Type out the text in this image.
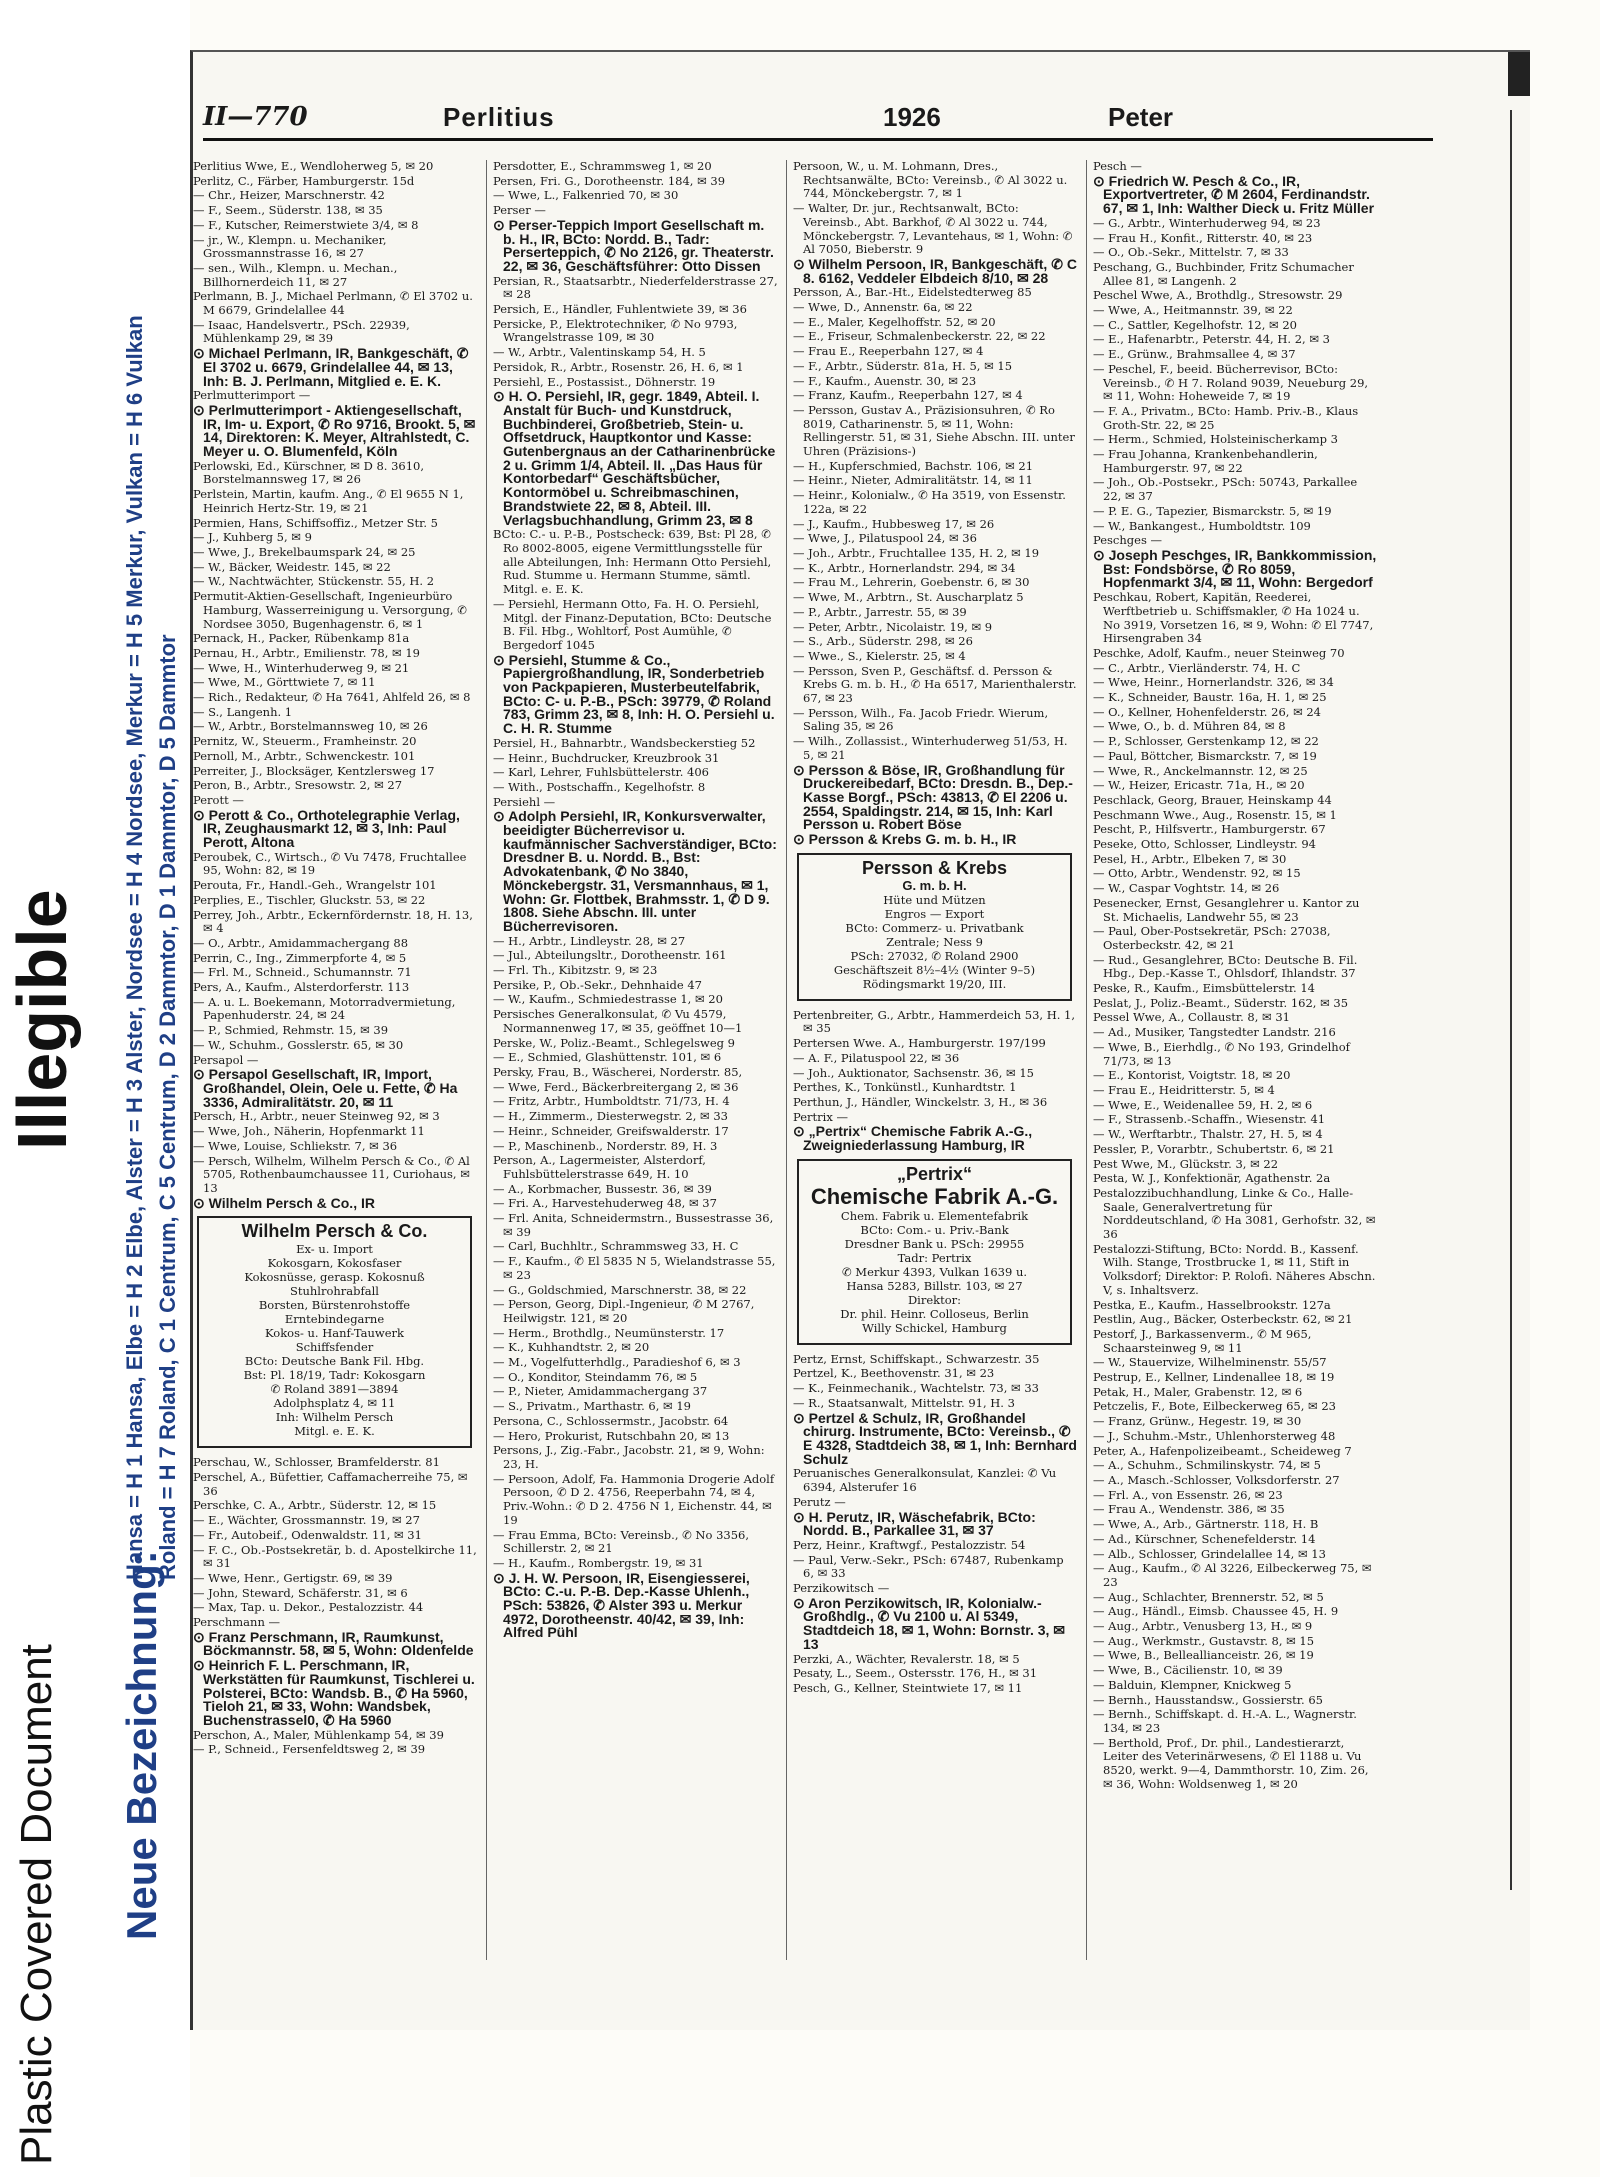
Illegible
Plastic Covered Document Neue Bezeichnung:
Hansa = H 1 Hansa, Elbe = H 2 Elbe, Alster = H 3 Alster, Nordsee = H 4 Nordsee, Merkur = H 5 Merkur, Vulkan = H 6 Vulkan Roland = H 7 Roland, C 1 Centrum, C 5 Centrum, D 2 Dammtor, D 1 Dammtor, D 5 Dammtor
II—770	Perlitius	1926	Peter
Perlitius Wwe, E., Wendloherweg 5, ✉ 20
Perlitz, C., Färber, Hamburgerstr. 15d
— Chr., Heizer, Marschnerstr. 42
— F., Seem., Süderstr. 138, ✉ 35
— F., Kutscher, Reimerstwiete 3/4, ✉ 8
— jr., W., Klempn. u. Mechaniker, Grossmannstrasse 16, ✉ 27
— sen., Wilh., Klempn. u. Mechan., Billhornerdeich 11, ✉ 27
Perlmann, B. J., Michael Perlmann, ✆ El 3702 u. M 6679, Grindelallee 44
— Isaac, Handelsvertr., PSch. 22939, Mühlenkamp 29, ✉ 39
⊙ Michael Perlmann, IR, Bankgeschäft, ✆ El 3702 u. 6679, Grindelallee 44, ✉ 13, Inh: B. J. Perlmann, Mitglied e. E. K.
Perlmutterimport —
⊙ Perlmutterimport - Aktiengesellschaft, IR, Im- u. Export, ✆ Ro 9716, Brookt. 5, ✉ 14, Direktoren: K. Meyer, Altrahlstedt, C. Meyer u. O. Blumenfeld, Köln
Perlowski, Ed., Kürschner, ✉ D 8. 3610, Borstelmannsweg 17, ✉ 26
Perlstein, Martin, kaufm. Ang., ✆ El 9655 N 1, Heinrich Hertz-Str. 19, ✉ 21
Permien, Hans, Schiffsoffiz., Metzer Str. 5
— J., Kuhberg 5, ✉ 9
— Wwe, J., Brekelbaumspark 24, ✉ 25
— W., Bäcker, Weidestr. 145, ✉ 22
— W., Nachtwächter, Stückenstr. 55, H. 2
Permutit-Aktien-Gesellschaft, Ingenieurbüro Hamburg, Wasserreinigung u. Versorgung, ✆ Nordsee 3050, Bugenhagenstr. 6, ✉ 1
Pernack, H., Packer, Rübenkamp 81a
Pernau, H., Arbtr., Emilienstr. 78, ✉ 19
— Wwe, H., Winterhuderweg 9, ✉ 21
— Wwe, M., Görttwiete 7, ✉ 11
— Rich., Redakteur, ✆ Ha 7641, Ahlfeld 26, ✉ 8
— S., Langenh. 1
— W., Arbtr., Borstelmannsweg 10, ✉ 26
Pernitz, W., Steuerm., Framheinstr. 20
Pernoll, M., Arbtr., Schwenckestr. 101
Perreiter, J., Blocksäger, Kentzlersweg 17
Peron, B., Arbtr., Sresowstr. 2, ✉ 27
Perott —
⊙ Perott & Co., Orthotelegraphie Verlag, IR, Zeughausmarkt 12, ✉ 3, Inh: Paul Perott, Altona
Peroubek, C., Wirtsch., ✆ Vu 7478, Fruchtallee 95, Wohn: 82, ✉ 19
Perouta, Fr., Handl.-Geh., Wrangelstr 101
Perplies, E., Tischler, Gluckstr. 53, ✉ 22
Perrey, Joh., Arbtr., Eckernfördernstr. 18, H. 13, ✉ 4
— O., Arbtr., Amidammachergang 88
Perrin, C., Ing., Zimmerpforte 4, ✉ 5
— Frl. M., Schneid., Schumannstr. 71
Pers, A., Kaufm., Alsterdorferstr. 113
— A. u. L. Boekemann, Motorradvermietung, Papenhuderstr. 24, ✉ 24
— P., Schmied, Rehmstr. 15, ✉ 39
— W., Schuhm., Gosslerstr. 65, ✉ 30
Persapol —
⊙ Persapol Gesellschaft, IR, Import, Großhandel, Olein, Oele u. Fette, ✆ Ha 3336, Admiralitätstr. 20, ✉ 11
Persch, H., Arbtr., neuer Steinweg 92, ✉ 3
— Wwe, Joh., Näherin, Hopfenmarkt 11
— Wwe, Louise, Schliekstr. 7, ✉ 36
— Persch, Wilhelm, Wilhelm Persch & Co., ✆ Al 5705, Rothenbaumchaussee 11, Curiohaus, ✉ 13
⊙ Wilhelm Persch & Co., IR
Wilhelm Persch & Co.
Ex- u. Import
Kokosgarn, Kokosfaser
Kokosnüsse, gerasp. Kokosnuß
Stuhlrohrabfall
Borsten, Bürstenrohstoffe
Erntebindegarne
Kokos- u. Hanf-Tauwerk
Schiffsfender
BCto: Deutsche Bank Fil. Hbg.
Bst: Pl. 18/19, Tadr: Kokosgarn
✆ Roland 3891—3894
Adolphsplatz 4, ✉ 11
Inh: Wilhelm Persch
Mitgl. e. E. K.
Perschau, W., Schlosser, Bramfelderstr. 81
Perschel, A., Büfettier, Caffamacherreihe 75, ✉ 36
Perschke, C. A., Arbtr., Süderstr. 12, ✉ 15
— E., Wächter, Grossmannstr. 19, ✉ 27
— Fr., Autobeif., Odenwaldstr. 11, ✉ 31
— F. C., Ob.-Postsekretär, b. d. Apostelkirche 11, ✉ 31
— Wwe, Henr., Gertigstr. 69, ✉ 39
— John, Steward, Schäferstr. 31, ✉ 6
— Max, Tap. u. Dekor., Pestalozzistr. 44
Perschmann —
⊙ Franz Perschmann, IR, Raumkunst, Böckmannstr. 58, ✉ 5, Wohn: Oldenfelde
⊙ Heinrich F. L. Perschmann, IR, Werkstätten für Raumkunst, Tischlerei u. Polsterei, BCto: Wandsb. B., ✆ Ha 5960, Tieloh 21, ✉ 33, Wohn: Wandsbek, Buchenstrassel0, ✆ Ha 5960
Perschon, A., Maler, Mühlenkamp 54, ✉ 39
— P., Schneid., Fersenfeldtsweg 2, ✉ 39
Persdotter, E., Schrammsweg 1, ✉ 20
Persen, Fri. G., Dorotheenstr. 184, ✉ 39
— Wwe, L., Falkenried 70, ✉ 30
Perser —
⊙ Perser-Teppich Import Gesellschaft m. b. H., IR, BCto: Nordd. B., Tadr: Perserteppich, ✆ No 2126, gr. Theaterstr. 22, ✉ 36, Geschäftsführer: Otto Dissen
Persian, R., Staatsarbtr., Niederfelderstrasse 27, ✉ 28
Persich, E., Händler, Fuhlentwiete 39, ✉ 36
Persicke, P., Elektrotechniker, ✆ No 9793, Wrangelstrasse 109, ✉ 30
— W., Arbtr., Valentinskamp 54, H. 5
Persidok, R., Arbtr., Rosenstr. 26, H. 6, ✉ 1
Persiehl, E., Postassist., Döhnerstr. 19
⊙ H. O. Persiehl, IR, gegr. 1849, Abteil. I. Anstalt für Buch- und Kunstdruck, Buchbinderei, Großbetrieb, Stein- u. Offsetdruck, Hauptkontor und Kasse: Gutenbergnaus an der Catharinenbrücke 2 u. Grimm 1/4, Abteil. II. „Das Haus für Kontorbedarf“ Geschäftsbücher, Kontormöbel u. Schreibmaschinen, Brandstwiete 22, ✉ 8, Abteil. III. Verlagsbuchhandlung, Grimm 23, ✉ 8
BCto: C.- u. P.-B., Postscheck: 639, Bst: Pl 28, ✆ Ro 8002-8005, eigene Vermittlungsstelle für alle Abteilungen, Inh: Hermann Otto Persiehl, Rud. Stumme u. Hermann Stumme, sämtl. Mitgl. e. E. K.
— Persiehl, Hermann Otto, Fa. H. O. Persiehl, Mitgl. der Finanz-Deputation, BCto: Deutsche B. Fil. Hbg., Wohltorf, Post Aumühle, ✆ Bergedorf 1045
⊙ Persiehl, Stumme & Co., Papiergroßhandlung, IR, Sonderbetrieb von Packpapieren, Musterbeutelfabrik, BCto: C- u. P.-B., PSch: 39779, ✆ Roland 783, Grimm 23, ✉ 8, Inh: H. O. Persiehl u. C. H. R. Stumme
Persiel, H., Bahnarbtr., Wandsbeckerstieg 52
— Heinr., Buchdrucker, Kreuzbrook 31
— Karl, Lehrer, Fuhlsbüttelerstr. 406
— With., Postschaffn., Kegelhofstr. 8
Persiehl —
⊙ Adolph Persiehl, IR, Konkursverwalter, beeidigter Bücherrevisor u. kaufmännischer Sachverständiger, BCto: Dresdner B. u. Nordd. B., Bst: Advokatenbank, ✆ No 3840, Mönckebergstr. 31, Versmannhaus, ✉ 1, Wohn: Gr. Flottbek, Brahmsstr. 1, ✆ D 9. 1808. Siehe Abschn. III. unter Bücherrevisoren.
— H., Arbtr., Lindleystr. 28, ✉ 27
— Jul., Abteilungsltr., Dorotheenstr. 161
— Frl. Th., Kibitzstr. 9, ✉ 23
Persike, P., Ob.-Sekr., Dehnhaide 47
— W., Kaufm., Schmiedestrasse 1, ✉ 20
Persisches Generalkonsulat, ✆ Vu 4579, Normannenweg 17, ✉ 35, geöffnet 10—1
Perske, W., Poliz.-Beamt., Schlegelsweg 9
— E., Schmied, Glashüttenstr. 101, ✉ 6
Persky, Frau, B., Wäscherei, Norderstr. 85,
— Wwe, Ferd., Bäckerbreitergang 2, ✉ 36
— Fritz, Arbtr., Humboldtstr. 71/73, H. 4
— H., Zimmerm., Diesterwegstr. 2, ✉ 33
— Heinr., Schneider, Greifswalderstr. 17
— P., Maschinenb., Norderstr. 89, H. 3
Person, A., Lagermeister, Alsterdorf, Fuhlsbüttelerstrasse 649, H. 10
— A., Korbmacher, Bussestr. 36, ✉ 39
— Fri. A., Harvestehuderweg 48, ✉ 37
— Frl. Anita, Schneidermstrn., Bussestrasse 36, ✉ 39
— Carl, Buchhltr., Schrammsweg 33, H. C
— F., Kaufm., ✆ El 5835 N 5, Wielandstrasse 55, ✉ 23
— G., Goldschmied, Marschnerstr. 38, ✉ 22
— Person, Georg, Dipl.-Ingenieur, ✆ M 2767, Heilwigstr. 121, ✉ 20
— Herm., Brothdlg., Neumünsterstr. 17
— K., Kuhhandtstr. 2, ✉ 20
— M., Vogelfutterhdlg., Paradieshof 6, ✉ 3
— O., Konditor, Steindamm 76, ✉ 5
— P., Nieter, Amidammachergang 37
— S., Privatm., Marthastr. 6, ✉ 19
Persona, C., Schlossermstr., Jacobstr. 64
— Hero, Prokurist, Rutschbahn 20, ✉ 13
Persons, J., Zig.-Fabr., Jacobstr. 21, ✉ 9, Wohn: 23, H.
— Persoon, Adolf, Fa. Hammonia Drogerie Adolf Persoon, ✆ D 2. 4756, Reeperbahn 74, ✉ 4, Priv.-Wohn.: ✆ D 2. 4756 N 1, Eichenstr. 44, ✉ 19
— Frau Emma, BCto: Vereinsb., ✆ No 3356, Schillerstr. 2, ✉ 21
— H., Kaufm., Rombergstr. 19, ✉ 31
⊙ J. H. W. Persoon, IR, Eisengiesserei, BCto: C.-u. P.-B. Dep.-Kasse Uhlenh., PSch: 53826, ✆ Alster 393 u. Merkur 4972, Dorotheenstr. 40/42, ✉ 39, Inh: Alfred Pühl
Persoon, W., u. M. Lohmann, Dres., Rechtsanwälte, BCto: Vereinsb., ✆ Al 3022 u. 744, Mönckebergstr. 7, ✉ 1
— Walter, Dr. jur., Rechtsanwalt, BCto: Vereinsb., Abt. Barkhof, ✆ Al 3022 u. 744, Mönckebergstr. 7, Levantehaus, ✉ 1, Wohn: ✆ Al 7050, Bieberstr. 9
⊙ Wilhelm Persoon, IR, Bankgeschäft, ✆ C 8. 6162, Veddeler Elbdeich 8/10, ✉ 28
Persson, A., Bar.-Ht., Eidelstedterweg 85
— Wwe, D., Annenstr. 6a, ✉ 22
— E., Maler, Kegelhoffstr. 52, ✉ 20
— E., Friseur, Schmalenbeckerstr. 22, ✉ 22
— Frau E., Reeperbahn 127, ✉ 4
— F., Arbtr., Süderstr. 81a, H. 5, ✉ 15
— F., Kaufm., Auenstr. 30, ✉ 23
— Franz, Kaufm., Reeperbahn 127, ✉ 4
— Persson, Gustav A., Präzisionsuhren, ✆ Ro 8019, Catharinenstr. 5, ✉ 11, Wohn: Rellingerstr. 51, ✉ 31, Siehe Abschn. III. unter Uhren (Präzisions-)
— H., Kupferschmied, Bachstr. 106, ✉ 21
— Heinr., Nieter, Admiralitätstr. 14, ✉ 11
— Heinr., Kolonialw., ✆ Ha 3519, von Essenstr. 122a, ✉ 22
— J., Kaufm., Hubbesweg 17, ✉ 26
— Wwe, J., Pilatuspool 24, ✉ 36
— Joh., Arbtr., Fruchtallee 135, H. 2, ✉ 19
— K., Arbtr., Hornerlandstr. 294, ✉ 34
— Frau M., Lehrerin, Goebenstr. 6, ✉ 30
— Wwe, M., Arbtrn., St. Auscharplatz 5
— P., Arbtr., Jarrestr. 55, ✉ 39
— Peter, Arbtr., Nicolaistr. 19, ✉ 9
— S., Arb., Süderstr. 298, ✉ 26
— Wwe., S., Kielerstr. 25, ✉ 4
— Persson, Sven P., Geschäftsf. d. Persson & Krebs G. m. b. H., ✆ Ha 6517, Marienthalerstr. 67, ✉ 23
— Persson, Wilh., Fa. Jacob Friedr. Wierum, Saling 35, ✉ 26
— Wilh., Zollassist., Winterhuderweg 51/53, H. 5, ✉ 21
⊙ Persson & Böse, IR, Großhandlung für Druckereibedarf, BCto: Dresdn. B., Dep.-Kasse Borgf., PSch: 43813, ✆ El 2206 u. 2554, Spaldingstr. 214, ✉ 15, Inh: Karl Persson u. Robert Böse
⊙ Persson & Krebs G. m. b. H., IR
Persson & Krebs
G. m. b. H.
Hüte und Mützen
Engros — Export
BCto: Commerz- u. Privatbank
Zentrale; Ness 9
PSch: 27032, ✆ Roland 2900
Geschäftszeit 8½–4½ (Winter 9–5)
Rödingsmarkt 19/20, III.
Pertenbreiter, G., Arbtr., Hammerdeich 53, H. 1, ✉ 35
Pertersen Wwe. A., Hamburgerstr. 197/199
— A. F., Pilatuspool 22, ✉ 36
— Joh., Auktionator, Sachsenstr. 36, ✉ 15
Perthes, K., Tonkünstl., Kunhardtstr. 1
Perthun, J., Händler, Winckelstr. 3, H., ✉ 36
Pertrix —
⊙ „Pertrix“ Chemische Fabrik A.-G., Zweigniederlassung Hamburg, IR
„Pertrix“
Chemische Fabrik A.-G.
Chem. Fabrik u. Elementefabrik
BCto: Com.- u. Priv.-Bank
Dresdner Bank u. PSch: 29955
Tadr: Pertrix
✆ Merkur 4393, Vulkan 1639 u.
Hansa 5283, Billstr. 103, ✉ 27
Direktor:
Dr. phil. Heinr. Colloseus, Berlin
Willy Schickel, Hamburg
Pertz, Ernst, Schiffskapt., Schwarzestr. 35
Pertzel, K., Beethovenstr. 31, ✉ 23
— K., Feinmechanik., Wachtelstr. 73, ✉ 33
— R., Staatsanwalt, Mittelstr. 91, H. 3
⊙ Pertzel & Schulz, IR, Großhandel chirurg. Instrumente, BCto: Vereinsb., ✆ E 4328, Stadtdeich 38, ✉ 1, Inh: Bernhard Schulz
Peruanisches Generalkonsulat, Kanzlei: ✆ Vu 6394, Alsterufer 16
Perutz —
⊙ H. Perutz, IR, Wäschefabrik, BCto: Nordd. B., Parkallee 31, ✉ 37
Perz, Heinr., Kraftwgf., Pestalozzistr. 54
— Paul, Verw.-Sekr., PSch: 67487, Rubenkamp 6, ✉ 33
Perzikowitsch —
⊙ Aron Perzikowitsch, IR, Kolonialw.-Großhdlg., ✆ Vu 2100 u. Al 5349, Stadtdeich 18, ✉ 1, Wohn: Bornstr. 3, ✉ 13
Perzki, A., Wächter, Revalerstr. 18, ✉ 5
Pesaty, L., Seem., Ostersstr. 176, H., ✉ 31
Pesch, G., Kellner, Steintwiete 17, ✉ 11
Pesch —
⊙ Friedrich W. Pesch & Co., IR, Exportvertreter, ✆ M 2604, Ferdinandstr. 67, ✉ 1, Inh: Walther Dieck u. Fritz Müller
— G., Arbtr., Winterhuderweg 94, ✉ 23
— Frau H., Konfit., Ritterstr. 40, ✉ 23
— O., Ob.-Sekr., Mittelstr. 7, ✉ 33
Peschang, G., Buchbinder, Fritz Schumacher Allee 81, ✉ Langenh. 2
Peschel Wwe, A., Brothdlg., Stresowstr. 29
— Wwe, A., Heitmannstr. 39, ✉ 22
— C., Sattler, Kegelhofstr. 12, ✉ 20
— E., Hafenarbtr., Peterstr. 44, H. 2, ✉ 3
— E., Grünw., Brahmsallee 4, ✉ 37
— Peschel, F., beeid. Bücherrevisor, BCto: Vereinsb., ✆ H 7. Roland 9039, Neueburg 29, ✉ 11, Wohn: Hoheweide 7, ✉ 19
— F. A., Privatm., BCto: Hamb. Priv.-B., Klaus Groth-Str. 22, ✉ 25
— Herm., Schmied, Holsteinischerkamp 3
— Frau Johanna, Krankenbehandlerin, Hamburgerstr. 97, ✉ 22
— Joh., Ob.-Postsekr., PSch: 50743, Parkallee 22, ✉ 37
— P. E. G., Tapezier, Bismarckstr. 5, ✉ 19
— W., Bankangest., Humboldtstr. 109
Peschges —
⊙ Joseph Peschges, IR, Bankkommission, Bst: Fondsbörse, ✆ Ro 8059, Hopfenmarkt 3/4, ✉ 11, Wohn: Bergedorf
Peschkau, Robert, Kapitän, Reederei, Werftbetrieb u. Schiffsmakler, ✆ Ha 1024 u. No 3919, Vorsetzen 16, ✉ 9, Wohn: ✆ El 7747, Hirsengraben 34
Peschke, Adolf, Kaufm., neuer Steinweg 70
— C., Arbtr., Vierländerstr. 74, H. C
— Wwe, Heinr., Hornerlandstr. 326, ✉ 34
— K., Schneider, Baustr. 16a, H. 1, ✉ 25
— O., Kellner, Hohenfelderstr. 26, ✉ 24
— Wwe, O., b. d. Mühren 84, ✉ 8
— P., Schlosser, Gerstenkamp 12, ✉ 22
— Paul, Böttcher, Bismarckstr. 7, ✉ 19
— Wwe, R., Anckelmannstr. 12, ✉ 25
— W., Heizer, Ericastr. 71a, H., ✉ 20
Peschlack, Georg, Brauer, Heinskamp 44
Peschmann Wwe., Aug., Rosenstr. 15, ✉ 1
Pescht, P., Hilfsvertr., Hamburgerstr. 67
Peseke, Otto, Schlosser, Lindleystr. 94
Pesel, H., Arbtr., Elbeken 7, ✉ 30
— Otto, Arbtr., Wendenstr. 92, ✉ 15
— W., Caspar Voghtstr. 14, ✉ 26
Pesenecker, Ernst, Gesanglehrer u. Kantor zu St. Michaelis, Landwehr 55, ✉ 23
— Paul, Ober-Postsekretär, PSch: 27038, Osterbeckstr. 42, ✉ 21
— Rud., Gesanglehrer, BCto: Deutsche B. Fil. Hbg., Dep.-Kasse T., Ohlsdorf, Ihlandstr. 37
Peske, R., Kaufm., Eimsbüttelerstr. 14
Peslat, J., Poliz.-Beamt., Süderstr. 162, ✉ 35
Pessel Wwe, A., Collaustr. 8, ✉ 31
— Ad., Musiker, Tangstedter Landstr. 216
— Wwe, B., Eierhdlg., ✆ No 193, Grindelhof 71/73, ✉ 13
— E., Kontorist, Voigtstr. 18, ✉ 20
— Frau E., Heidritterstr. 5, ✉ 4
— Wwe, E., Weidenallee 59, H. 2, ✉ 6
— F., Strassenb.-Schaffn., Wiesenstr. 41
— W., Werftarbtr., Thalstr. 27, H. 5, ✉ 4
Pessler, P., Vorarbtr., Schubertstr. 6, ✉ 21
Pest Wwe, M., Glückstr. 3, ✉ 22
Pesta, W. J., Konfektionär, Agathenstr. 2a
Pestalozzibuchhandlung, Linke & Co., Halle-Saale, Generalvertretung für Norddeutschland, ✆ Ha 3081, Gerhofstr. 32, ✉ 36
Pestalozzi-Stiftung, BCto: Nordd. B., Kassenf. Wilh. Stange, Trostbrucke 1, ✉ 11, Stift in Volksdorf; Direktor: P. Rolofi. Näheres Abschn. V, s. Inhaltsverz.
Pestka, E., Kaufm., Hasselbrookstr. 127a
Pestlin, Aug., Bäcker, Osterbeckstr. 62, ✉ 21
Pestorf, J., Barkassenverm., ✆ M 965, Schaarsteinweg 9, ✉ 11
— W., Stauervize, Wilhelminenstr. 55/57
Pestrup, E., Kellner, Lindenallee 18, ✉ 19
Petak, H., Maler, Grabenstr. 12, ✉ 6
Petczelis, F., Bote, Eilbeckerweg 65, ✉ 23
— Franz, Grünw., Hegestr. 19, ✉ 30
— J., Schuhm.-Mstr., Uhlenhorsterweg 48
Peter, A., Hafenpolizeibeamt., Scheideweg 7
— A., Schuhm., Schmilinskystr. 74, ✉ 5
— A., Masch.-Schlosser, Volksdorferstr. 27
— Frl. A., von Essenstr. 26, ✉ 23
— Frau A., Wendenstr. 386, ✉ 35
— Wwe, A., Arb., Gärtnerstr. 118, H. B
— Ad., Kürschner, Schenefelderstr. 14
— Alb., Schlosser, Grindelallee 14, ✉ 13
— Aug., Kaufm., ✆ Al 3226, Eilbeckerweg 75, ✉ 23
— Aug., Schlachter, Brennerstr. 52, ✉ 5
— Aug., Händl., Eimsb. Chaussee 45, H. 9
— Aug., Arbtr., Venusberg 13, H., ✉ 9
— Aug., Werkmstr., Gustavstr. 8, ✉ 15
— Wwe, B., Belleallianceistr. 26, ✉ 19
— Wwe, B., Cäcilienstr. 10, ✉ 39
— Balduin, Klempner, Knickweg 5
— Bernh., Hausstandsw., Gossierstr. 65
— Bernh., Schiffskapt. d. H.-A. L., Wagnerstr. 134, ✉ 23
— Berthold, Prof., Dr. phil., Landestierarzt, Leiter des Veterinärwesens, ✆ El 1188 u. Vu 8520, werkt. 9—4, Dammthorstr. 10, Zim. 26, ✉ 36, Wohn: Woldsenweg 1, ✉ 20
